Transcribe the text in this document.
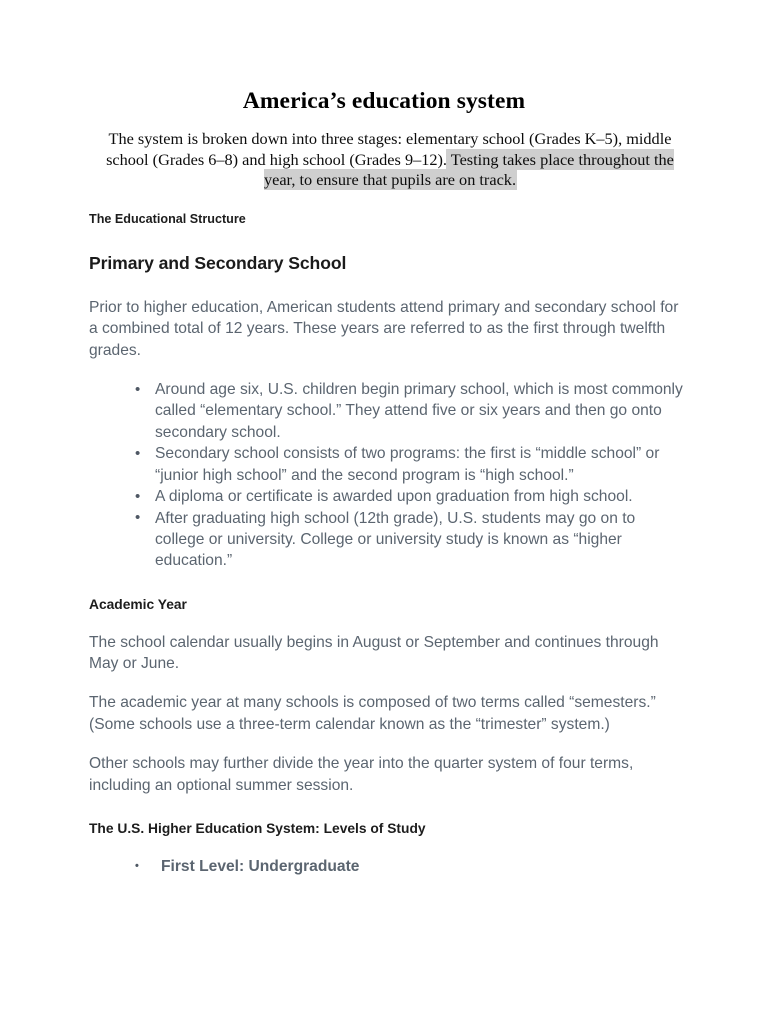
America’s education system

The system is broken down into three stages: elementary school (Grades K–5), middle school (Grades 6–8) and high school (Grades 9–12). Testing takes place throughout the year, to ensure that pupils are on track.

The Educational Structure
Primary and Secondary School

Prior to higher education, American students attend primary and secondary school for a combined total of 12 years. These years are referred to as the first through twelfth grades.

• Around age six, U.S. children begin primary school, which is most commonly called “elementary school.” They attend five or six years and then go onto secondary school.
• Secondary school consists of two programs: the first is “middle school” or “junior high school” and the second program is “high school.”
• A diploma or certificate is awarded upon graduation from high school.
• After graduating high school (12th grade), U.S. students may go on to college or university. College or university study is known as “higher education.”
Academic Year

The school calendar usually begins in August or September and continues through May or June.

The academic year at many schools is composed of two terms called “semesters.” (Some schools use a three-term calendar known as the “trimester” system.)

Other schools may further divide the year into the quarter system of four terms, including an optional summer session.

The U.S. Higher Education System: Levels of Study
• First Level: Undergraduate
